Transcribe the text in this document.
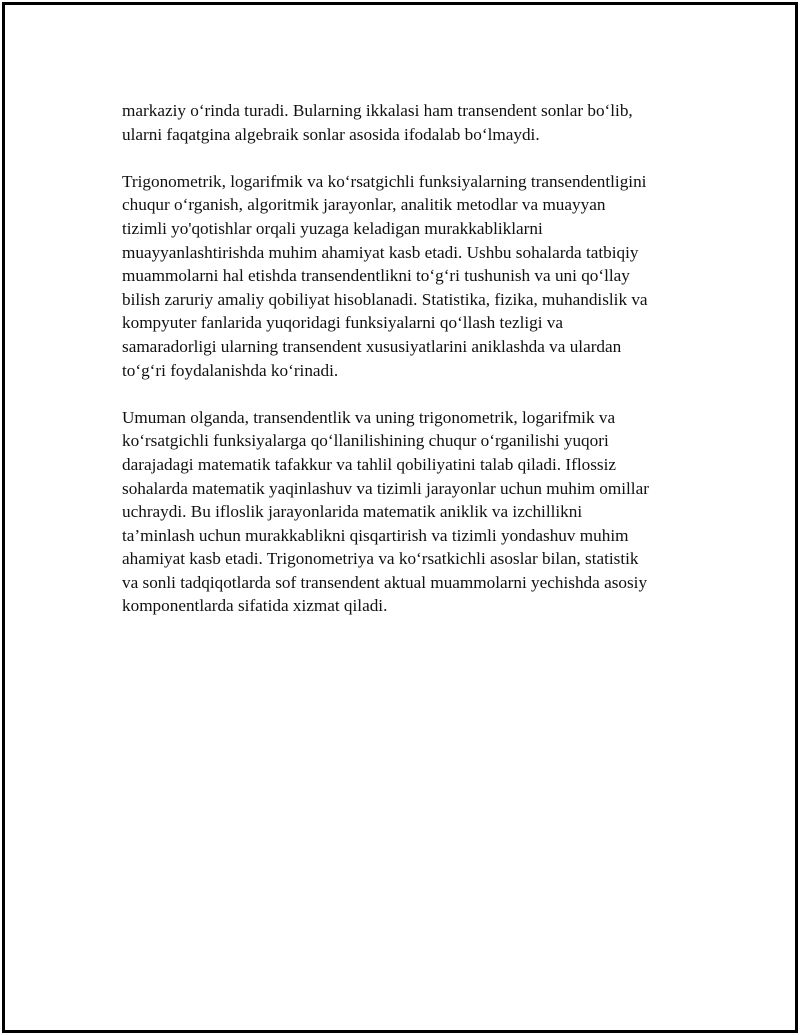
markaziy o‘rinda turadi. Bularning ikkalasi ham transendent sonlar bo‘lib,
ularni faqatgina algebraik sonlar asosida ifodalab bo‘lmaydi.

Trigonometrik, logarifmik va ko‘rsatgichli funksiyalarning transendentligini
chuqur o‘rganish, algoritmik jarayonlar, analitik metodlar va muayyan
tizimli yo'qotishlar orqali yuzaga keladigan murakkabliklarni
muayyanlashtirishda muhim ahamiyat kasb etadi. Ushbu sohalarda tatbiqiy
muammolarni hal etishda transendentlikni to‘g‘ri tushunish va uni qo‘llay
bilish zaruriy amaliy qobiliyat hisoblanadi. Statistika, fizika, muhandislik va
kompyuter fanlarida yuqoridagi funksiyalarni qo‘llash tezligi va
samaradorligi ularning transendent xususiyatlarini aniklashda va ulardan
to‘g‘ri foydalanishda ko‘rinadi.

Umuman olganda, transendentlik va uning trigonometrik, logarifmik va
ko‘rsatgichli funksiyalarga qo‘llanilishining chuqur o‘rganilishi yuqori
darajadagi matematik tafakkur va tahlil qobiliyatini talab qiladi. Iflossiz
sohalarda matematik yaqinlashuv va tizimli jarayonlar uchun muhim omillar
uchraydi. Bu ifloslik jarayonlarida matematik aniklik va izchillikni
ta’minlash uchun murakkablikni qisqartirish va tizimli yondashuv muhim
ahamiyat kasb etadi. Trigonometriya va ko‘rsatkichli asoslar bilan, statistik
va sonli tadqiqotlarda sof transendent aktual muammolarni yechishda asosiy
komponentlarda sifatida xizmat qiladi.
